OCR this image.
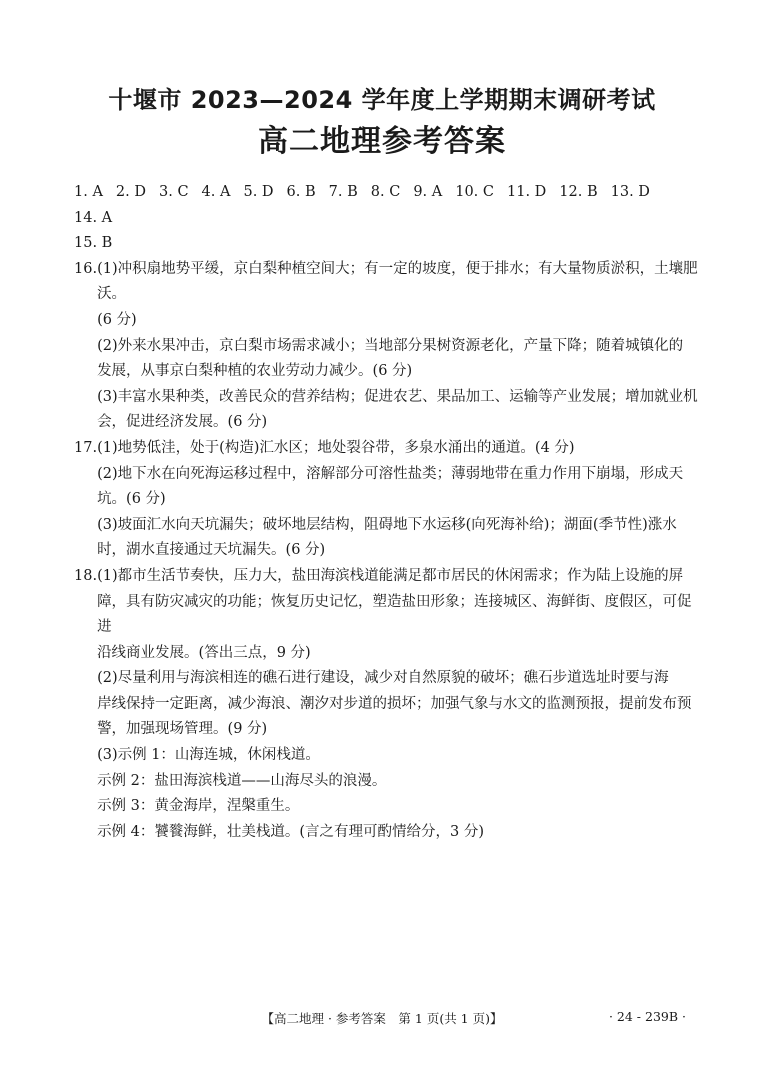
十堰市 2023—2024 学年度上学期期末调研考试
高二地理参考答案
1. A 2. D 3. C 4. A 5. D 6. B 7. B 8. C 9. A 10. C 11. D 12. B 13. D
14. A
15. B
16. (1)冲积扇地势平缓，京白梨种植空间大；有一定的坡度，便于排水；有大量物质淤积，土壤肥沃。
(6 分)
(2)外来水果冲击，京白梨市场需求减小；当地部分果树资源老化，产量下降；随着城镇化的
发展，从事京白梨种植的农业劳动力减少。(6 分)
(3)丰富水果种类，改善民众的营养结构；促进农艺、果品加工、运输等产业发展；增加就业机
会，促进经济发展。(6 分)
17. (1)地势低洼，处于(构造)汇水区；地处裂谷带，多泉水涌出的通道。(4 分)
(2)地下水在向死海运移过程中，溶解部分可溶性盐类；薄弱地带在重力作用下崩塌，形成天
坑。(6 分)
(3)坡面汇水向天坑漏失；破坏地层结构，阻碍地下水运移(向死海补给)；湖面(季节性)涨水
时，湖水直接通过天坑漏失。(6 分)
18. (1)都市生活节奏快，压力大，盐田海滨栈道能满足都市居民的休闲需求；作为陆上设施的屏
障，具有防灾减灾的功能；恢复历史记忆，塑造盐田形象；连接城区、海鲜街、度假区，可促进
沿线商业发展。(答出三点，9 分)
(2)尽量利用与海滨相连的礁石进行建设，减少对自然原貌的破坏；礁石步道选址时要与海
岸线保持一定距离，减少海浪、潮汐对步道的损坏；加强气象与水文的监测预报，提前发布预
警，加强现场管理。(9 分)
(3)示例 1：山海连城，休闲栈道。
示例 2：盐田海滨栈道——山海尽头的浪漫。
示例 3：黄金海岸，涅槃重生。
示例 4：饕餮海鲜，壮美栈道。(言之有理可酌情给分，3 分)
【高二地理 · 参考答案　第 1 页(共 1 页)】	· 24 - 239B ·
